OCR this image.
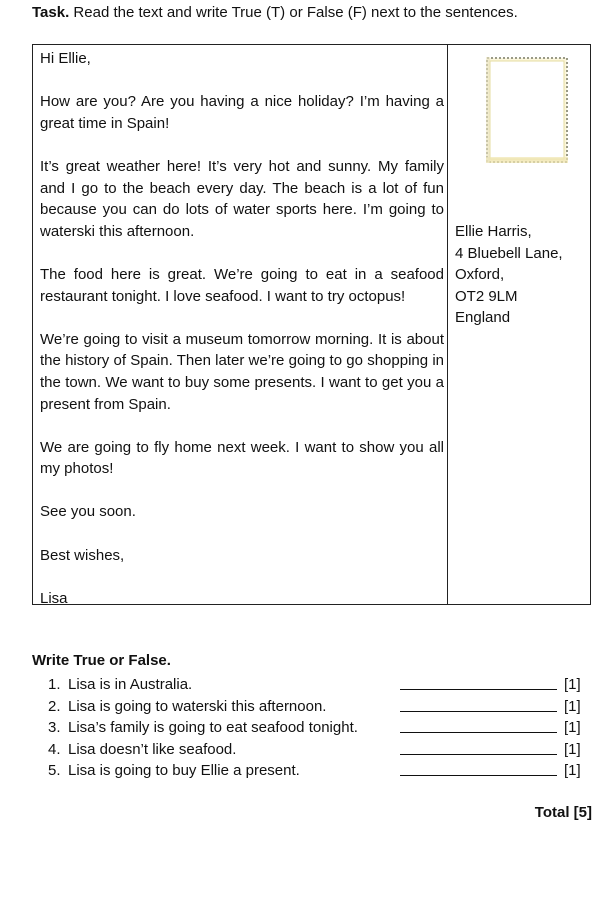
Task. Read the text and write True (T) or False (F) next to the sentences.

Hi Ellie,

How are you? Are you having a nice holiday? I’m having a great time in Spain!

It’s great weather here! It’s very hot and sunny. My family and I go to the beach every day. The beach is a lot of fun because you can do lots of water sports here. I’m going to waterski this afternoon.

The food here is great. We’re going to eat in a seafood restaurant tonight. I love seafood. I want to try octopus!

We’re going to visit a museum tomorrow morning. It is about the history of Spain. Then later we’re going to go shopping in the town. We want to buy some presents. I want to get you a present from Spain.

We are going to fly home next week. I want to show you all my photos!

See you soon.

Best wishes,

Lisa

Ellie Harris,
4 Bluebell Lane,
Oxford,
OT2 9LM
England
Write True or False.
1. Lisa is in Australia.	[1]
2. Lisa is going to waterski this afternoon.	[1]
3. Lisa’s family is going to eat seafood tonight.	[1]
4. Lisa doesn’t like seafood.	[1]
5. Lisa is going to buy Ellie a present.	[1]
Total [5]
